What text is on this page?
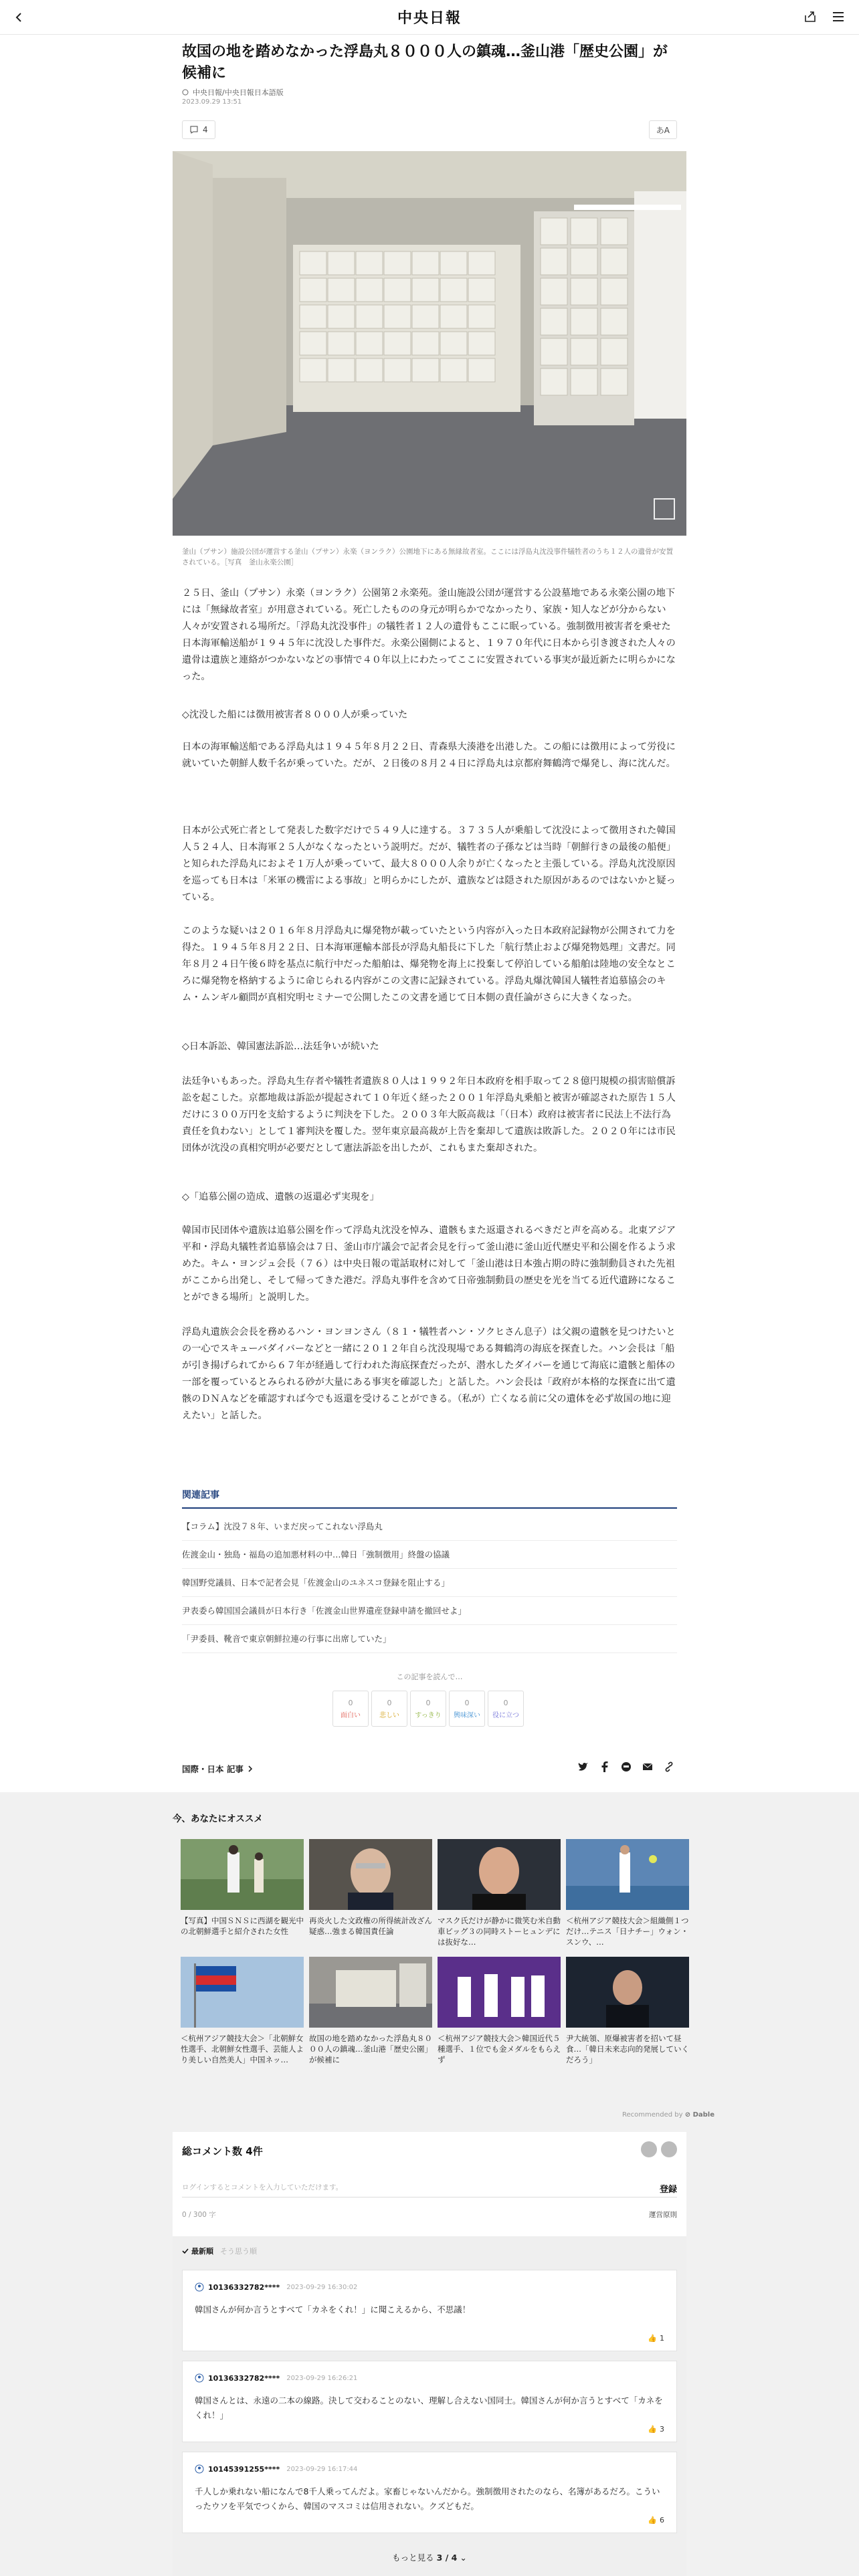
中央日報
故国の地を踏めなかった浮島丸８０００人の鎮魂…釜山港「歴史公園」が候補に
中央日報/中央日報日本語版
2023.09.29 13:51
4	あA
釜山（プサン）施設公団が運営する釜山（プサン）永楽（ヨンラク）公園地下にある無縁故者室。ここには浮島丸沈没事件犠牲者のうち１２人の遺骨が安置されている。［写真　釜山永楽公園］

２５日、釜山（プサン）永楽（ヨンラク）公園第２永楽苑。釜山施設公団が運営する公設墓地である永楽公園の地下には「無縁故者室」が用意されている。死亡したものの身元が明らかでなかったり、家族・知人などが分からない人々が安置される場所だ。「浮島丸沈没事件」の犠牲者１２人の遺骨もここに眠っている。強制徴用被害者を乗せた日本海軍輸送船が１９４５年に沈没した事件だ。永楽公園側によると、１９７０年代に日本から引き渡された人々の遺骨は遺族と連絡がつかないなどの事情で４０年以上にわたってここに安置されている事実が最近新たに明らかになった。

◇沈没した船には徴用被害者８０００人が乗っていた

日本の海軍輸送船である浮島丸は１９４５年８月２２日、青森県大湊港を出港した。この船には徴用によって労役に就いていた朝鮮人数千名が乗っていた。だが、２日後の８月２４日に浮島丸は京都府舞鶴湾で爆発し、海に沈んだ。

日本が公式死亡者として発表した数字だけで５４９人に達する。３７３５人が乗船して沈没によって徴用された韓国人５２４人、日本海軍２５人がなくなったという説明だ。だが、犠牲者の子孫などは当時「朝鮮行きの最後の船便」と知られた浮島丸におよそ１万人が乗っていて、最大８０００人余りが亡くなったと主張している。浮島丸沈没原因を巡っても日本は「米軍の機雷による事故」と明らかにしたが、遺族などは隠された原因があるのではないかと疑っている。

このような疑いは２０１６年８月浮島丸に爆発物が載っていたという内容が入った日本政府記録物が公開されて力を得た。１９４５年８月２２日、日本海軍運輸本部長が浮島丸船長に下した「航行禁止および爆発物処理」文書だ。同年８月２４日午後６時を基点に航行中だった船舶は、爆発物を海上に投棄して停泊している船舶は陸地の安全なところに爆発物を格納するように命じられる内容がこの文書に記録されている。浮島丸爆沈韓国人犠牲者追慕協会のキム・ムンギル顧問が真相究明セミナーで公開したこの文書を通じて日本側の責任論がさらに大きくなった。

◇日本訴訟、韓国憲法訴訟…法廷争いが続いた

法廷争いもあった。浮島丸生存者や犠牲者遺族８０人は１９９２年日本政府を相手取って２８億円規模の損害賠償訴訟を起こした。京都地裁は訴訟が提起されて１０年近く経った２００１年浮島丸乗船と被害が確認された原告１５人だけに３００万円を支給するように判決を下した。２００３年大阪高裁は「（日本）政府は被害者に民法上不法行為責任を負わない」として１審判決を覆した。翌年東京最高裁が上告を棄却して遺族は敗訴した。２０２０年には市民団体が沈没の真相究明が必要だとして憲法訴訟を出したが、これもまた棄却された。

◇「追慕公園の造成、遺骸の返還必ず実現を」

韓国市民団体や遺族は追慕公園を作って浮島丸沈没を悼み、遺骸もまた返還されるべきだと声を高める。北東アジア平和・浮島丸犠牲者追慕協会は７日、釜山市庁議会で記者会見を行って釜山港に釜山近代歴史平和公園を作るよう求めた。キム・ヨンジュ会長（７６）は中央日報の電話取材に対して「釜山港は日本強占期の時に強制動員された先祖がここから出発し、そして帰ってきた港だ。浮島丸事件を含めて日帝強制動員の歴史を光を当てる近代遺跡になることができる場所」と説明した。

浮島丸遺族会会長を務めるハン・ヨンヨンさん（８１・犠牲者ハン・ソクヒさん息子）は父親の遺骸を見つけたいとの一心でスキューバダイバーなどと一緒に２０１２年自ら沈没現場である舞鶴湾の海底を探査した。ハン会長は「船が引き揚げられてから６７年が経過して行われた海底探査だったが、潜水したダイバーを通じて海底に遺骸と船体の一部を覆っているとみられる砂が大量にある事実を確認した」と話した。ハン会長は「政府が本格的な探査に出て遺骸のＤＮＡなどを確認すれば今でも返還を受けることができる。（私が）亡くなる前に父の遺体を必ず故国の地に迎えたい」と話した。

関連記事
【コラム】沈没７８年、いまだ戻ってこれない浮島丸
佐渡金山・独島・福島の追加悪材料の中…韓日「強制徴用」終盤の協議
韓国野党議員、日本で記者会見「佐渡金山のユネスコ登録を阻止する」
尹表委ら韓国国会議員が日本行き「佐渡金山世界遺産登録申請を撤回せよ」
「尹委員、靴音で東京朝鮮拉連の行事に出席していた」
この記事を読んで…
0
面白い
0
悲しい
0
すっきり
0
興味深い
0
役に立つ
国際・日本 記事
今、あなたにオススメ
【写真】中国ＳＮＳに西湖を観光中の北朝鮮選手と紹介された女性
再炎火した文政権の所得統計改ざん疑惑…強まる韓国責任論
マスク氏だけが静かに微笑む米自動車ビッグ３の同時ストーヒュンデには抜好な…
＜杭州アジア競技大会＞組織側１つだけ…テニス「日ナチー」ウォン・スンウ、…
＜杭州アジア競技大会＞「北朝鮮女性選手、北朝鮮女性選手、芸能人より美しい自然美人」中国ネッ…
故国の地を踏めなかった浮島丸８０００人の鎮魂…釜山港「歴史公園」が候補に
＜杭州アジア競技大会＞韓国近代５種選手、１位でも金メダルをもらえず
尹大統領、原爆被害者を招いて昼食…「韓日未来志向的発展していくだろう」
Recommended by ⊘ Dable
総コメント数 4件
ログインするとコメントを入力していただけます。	登録
0 / 300 字	運営原則
最新順 そう思う順
10136332782**** 2023-09-29 16:30:02
韓国さんが何か言うとすべて「カネをくれ！」に聞こえるから、不思議！
👍 1
10136332782**** 2023-09-29 16:26:21
韓国さんとは、永遠の二本の線路。決して交わることのない、理解し合えない国同士。韓国さんが何か言うとすべて「カネをくれ！」
👍 3
10145391255**** 2023-09-29 16:17:44
千人しか乗れない船になんで8千人乗ってんだよ。家畜じゃないんだから。強制徴用されたのなら、名簿があるだろ。こういったウソを平気でつくから、韓国のマスコミは信用されない。クズどもだ。
👍 6
もっと見る 3 / 4 ⌄
